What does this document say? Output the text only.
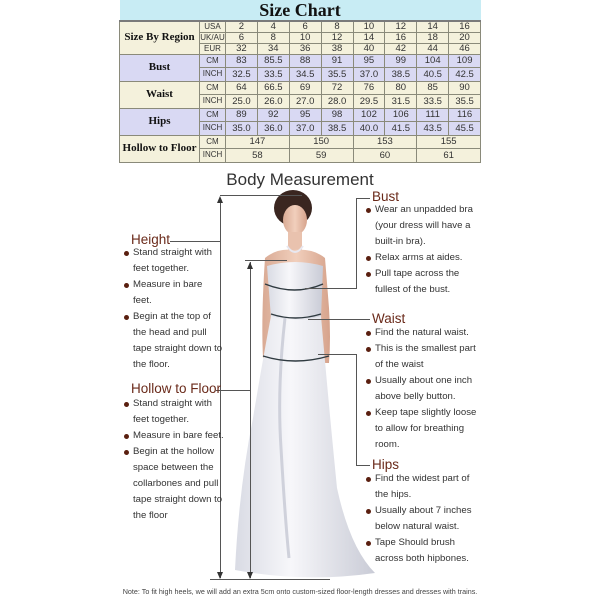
Size Chart									
Size By Region	USA	2	4	6	8	10	12	14	16
	UK/AU	6	8	10	12	14	16	18	20
	EUR	32	34	36	38	40	42	44	46
Bust	CM	83	85.5	88	91	95	99	104	109
	INCH	32.5	33.5	34.5	35.5	37.0	38.5	40.5	42.5
Waist	CM	64	66.5	69	72	76	80	85	90
	INCH	25.0	26.0	27.0	28.0	29.5	31.5	33.5	35.5
Hips	CM	89	92	95	98	102	106	111	116
	INCH	35.0	36.0	37.0	38.5	40.0	41.5	43.5	45.5
Hollow to Floor	CM	147		150		153		155	
	INCH	58		59		60		61	
Body Measurement
Height
Stand straight with feet together.
Measure in bare feet.
Begin at the top of the head and pull tape straight down to the floor.
Hollow to Floor
Stand straight with feet together.
Measure in bare feet.
Begin at the hollow space between the collarbones and pull tape straight down to the floor
Bust
Wear an unpadded bra (your dress will have a built-in bra).
Relax arms at aides.
Pull tape across the fullest of the bust.
Waist
Find the natural waist.
This is the smallest part of the waist
Usually about one inch above belly button.
Keep tape slightly loose to allow for breathing room.
Hips
Find the widest part of the hips.
Usually about 7 inches below natural waist.
Tape Should brush across both hipbones.
Note: To fit high heels, we will add an extra 5cm onto custom-sized floor-length dresses and dresses with trains.
